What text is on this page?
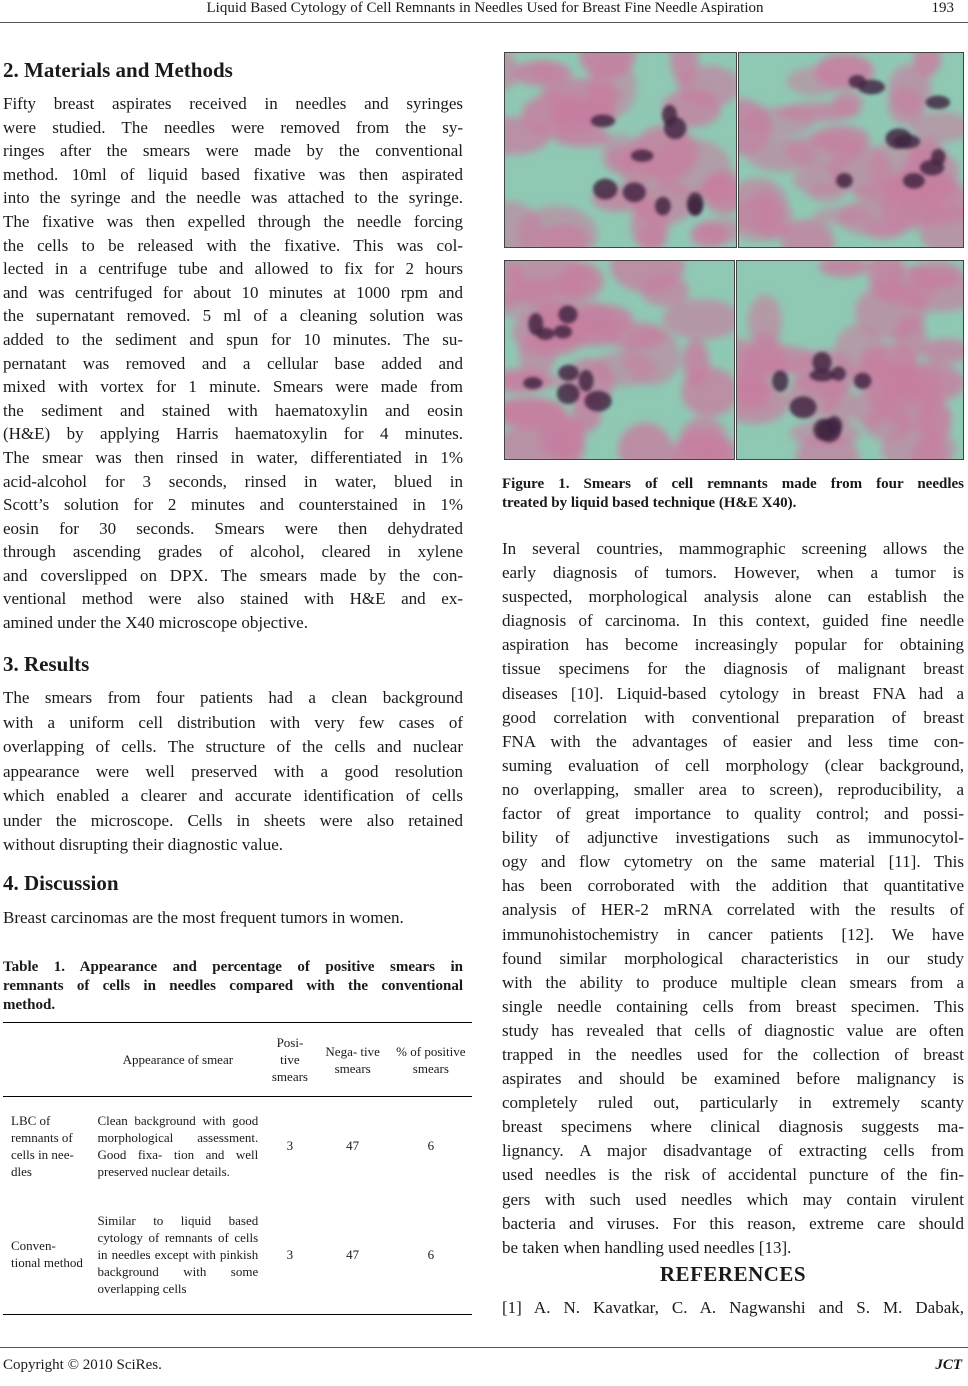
Liquid Based Cytology of Cell Remnants in Needles Used for Breast Fine Needle Aspiration	193
2. Materials and Methods
Fifty breast aspirates received in needles and syringes
were studied. The needles were removed from the sy-
ringes after the smears were made by the conventional
method. 10ml of liquid based fixative was then aspirated
into the syringe and the needle was attached to the syringe.
The fixative was then expelled through the needle forcing
the cells to be released with the fixative. This was col-
lected in a centrifuge tube and allowed to fix for 2 hours
and was centrifuged for about 10 minutes at 1000 rpm and
the supernatant removed. 5 ml of a cleaning solution was
added to the sediment and spun for 10 minutes. The su-
pernatant was removed and a cellular base added and
mixed with vortex for 1 minute. Smears were made from
the sediment and stained with haematoxylin and eosin
(H&E) by applying Harris haematoxylin for 4 minutes.
The smear was then rinsed in water, differentiated in 1%
acid-alcohol for 3 seconds, rinsed in water, blued in
Scott’s solution for 2 minutes and counterstained in 1%
eosin for 30 seconds. Smears were then dehydrated
through ascending grades of alcohol, cleared in xylene
and coverslipped on DPX. The smears made by the con-
ventional method were also stained with H&E and ex-
amined under the X40 microscope objective.
3. Results
The smears from four patients had a clean background
with a uniform cell distribution with very few cases of
overlapping of cells. The structure of the cells and nuclear
appearance were well preserved with a good resolution
which enabled a clearer and accurate identification of cells
under the microscope. Cells in sheets were also retained
without disrupting their diagnostic value.
4. Discussion
Breast carcinomas are the most frequent tumors in women.
Table 1. Appearance and percentage of positive smears in
remnants of cells in needles compared with the conventional
method.
	Appearance of smear	Posi- tive smears	Nega- tive smears	% of positive smears
LBC of remnants of cells in nee- dles	Clean background with good morphological assessment. Good fixa- tion and well preserved nuclear details.	3	47	6
Conven- tional method	Similar to liquid based cytology of remnants of cells in needles except with pinkish background with some overlapping cells	3	47	6
Figure 1. Smears of cell remnants made from four needles
treated by liquid based technique (H&E X40).
In several countries, mammographic screening allows the
early diagnosis of tumors. However, when a tumor is
suspected, morphological analysis alone can establish the
diagnosis of carcinoma. In this context, guided fine needle
aspiration has become increasingly popular for obtaining
tissue specimens for the diagnosis of malignant breast
diseases [10]. Liquid-based cytology in breast FNA had a
good correlation with conventional preparation of breast
FNA with the advantages of easier and less time con-
suming evaluation of cell morphology (clear background,
no overlapping, smaller area to screen), reproducibility, a
factor of great importance to quality control; and possi-
bility of adjunctive investigations such as immunocytol-
ogy and flow cytometry on the same material [11]. This
has been corroborated with the addition that quantitative
analysis of HER-2 mRNA correlated with the results of
immunohistochemistry in cancer patients [12]. We have
found similar morphological characteristics in our study
with the ability to produce multiple clean smears from a
single needle containing cells from breast specimen. This
study has revealed that cells of diagnostic value are often
trapped in the needles used for the collection of breast
aspirates and should be examined before malignancy is
completely ruled out, particularly in extremely scanty
breast specimens where clinical diagnosis suggests ma-
lignancy. A major disadvantage of extracting cells from
used needles is the risk of accidental puncture of the fin-
gers with such used needles which may contain virulent
bacteria and viruses. For this reason, extreme care should
be taken when handling used needles [13].
REFERENCES
[1] A. N. Kavatkar, C. A. Nagwanshi and S. M. Dabak,
Copyright © 2010 SciRes.	JCT
